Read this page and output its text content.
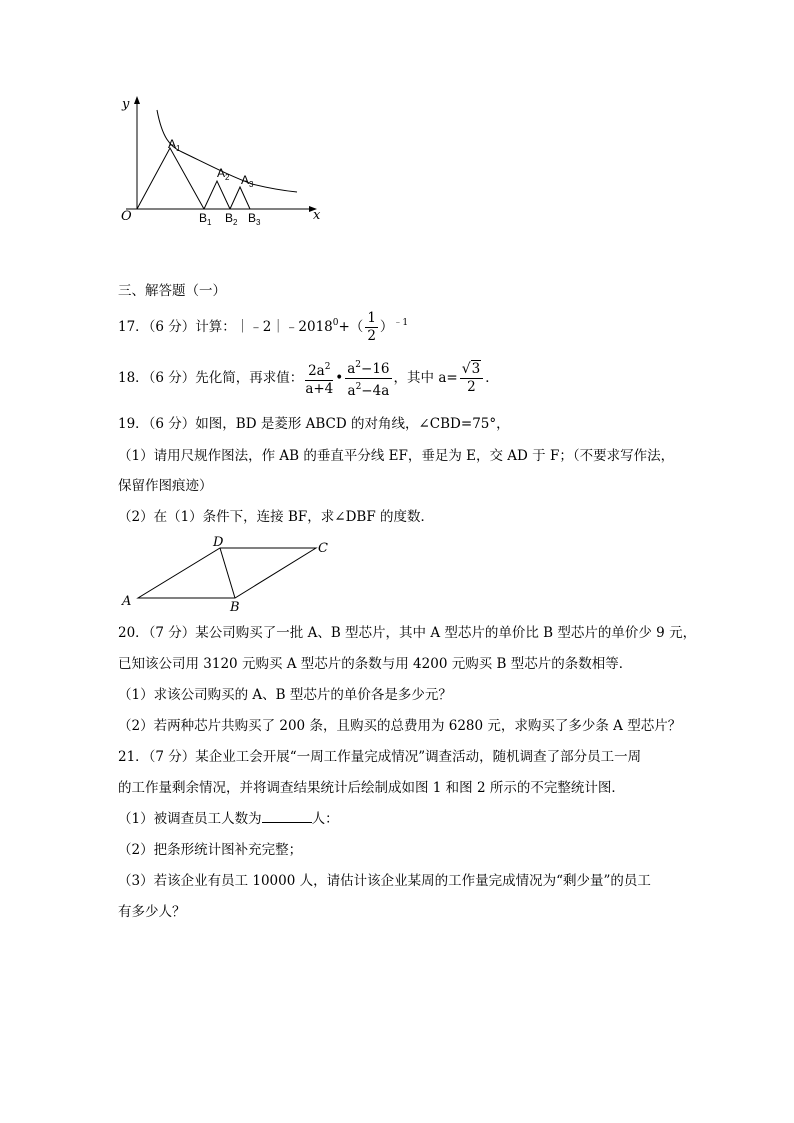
y
x
O
$A_1$
$A_2$ $A_3$
$B_1$ $B_2$ $B_3$
三、解答题（一）
17．（6 分）计算：$|﹣2|﹣2018^0+( \frac{1}{2} )^{﹣1}$
18．（6 分）先化简，再求值： $\frac{2a^2}{a+4}$ • $\frac{a^2-16}{a^2-4a}$ ，其中 $a= \frac{√3}{2}$ ．
19．（6 分）如图，BD 是菱形 ABCD 的对角线，∠CBD=75°，
（1）请用尺规作图法，作 AB 的垂直平分线 EF，垂足为 E，交 AD 于 F；（不要求写作法，
保留作图痕迹）
（2）在（1）条件下，连接 BF，求∠DBF 的度数．
A	B
C
D
20．（7 分）某公司购买了一批 A、B 型芯片，其中 A 型芯片的单价比 B 型芯片的单价少 9 元，
已知该公司用 3120 元购买 A 型芯片的条数与用 4200 元购买 B 型芯片的条数相等．
（1）求该公司购买的 A、B 型芯片的单价各是多少元？
（2）若两种芯片共购买了 200 条，且购买的总费用为 6280 元，求购买了多少条 A 型芯片？
21．（7 分）某企业工会开展“一周工作量完成情况”调查活动，随机调查了部分员工一周
的工作量剩余情况，并将调查结果统计后绘制成如图 1 和图 2 所示的不完整统计图．
（1）被调查员工人数为	人：
（2）把条形统计图补充完整；
（3）若该企业有员工 10000 人，请估计该企业某周的工作量完成情况为“剩少量”的员工
有多少人？
